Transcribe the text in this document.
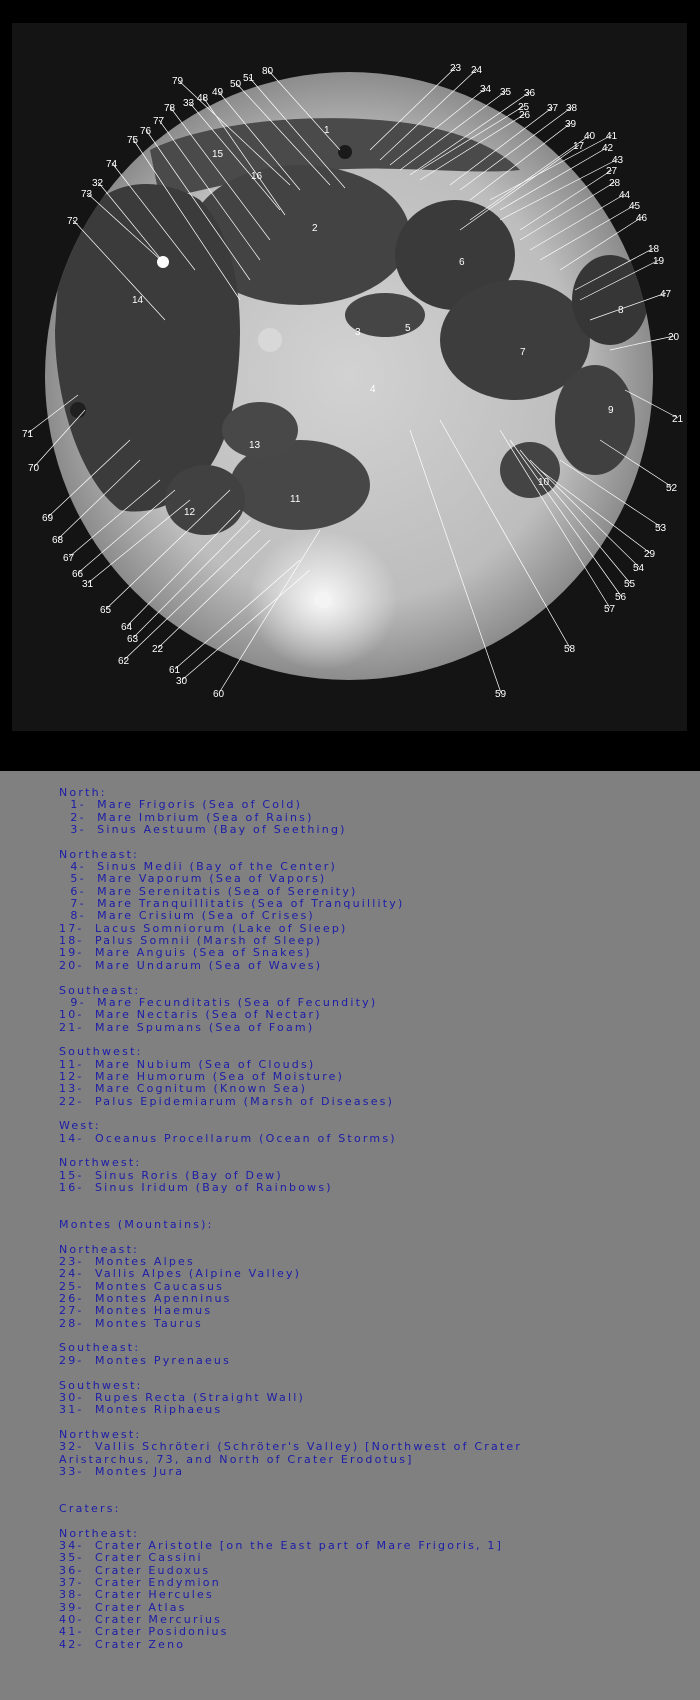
79
80
49
50
51
48
33
78
77
76
75
74
73
32
72
14
71
70
69
68
67
66
31
65
64
63
62
22
61
30
60	59
58
57
56
55
54
29
53
52
21
20
47
19
18
46
45
44
28
27
43
42
41
40
17
39
38
37
26
25
36
35
34
24
23
1
15
16
2
3	5
6
7
4
8
9
10
13
11
12
North:
1-  Mare Frigoris (Sea of Cold)
2-  Mare Imbrium (Sea of Rains)
3-  Sinus Aestuum (Bay of Seething)
Northeast:
4-  Sinus Medii (Bay of the Center)
5-  Mare Vaporum (Sea of Vapors)
6-  Mare Serenitatis (Sea of Serenity)
7-  Mare Tranquillitatis (Sea of Tranquillity)
8-  Mare Crisium (Sea of Crises)
17-  Lacus Somniorum (Lake of Sleep)
18-  Palus Somnii (Marsh of Sleep)
19-  Mare Anguis (Sea of Snakes)
20-  Mare Undarum (Sea of Waves)
Southeast:
9-  Mare Fecunditatis (Sea of Fecundity)
10-  Mare Nectaris (Sea of Nectar)
21-  Mare Spumans (Sea of Foam)
Southwest:
11-  Mare Nubium (Sea of Clouds)
12-  Mare Humorum (Sea of Moisture)
13-  Mare Cognitum (Known Sea)
22-  Palus Epidemiarum (Marsh of Diseases)
West:
14-  Oceanus Procellarum (Ocean of Storms)
Northwest:
15-  Sinus Roris (Bay of Dew)
16-  Sinus Iridum (Bay of Rainbows)
Montes (Mountains):
Northeast:
23-  Montes Alpes
24-  Vallis Alpes (Alpine Valley)
25-  Montes Caucasus
26-  Montes Apenninus
27-  Montes Haemus
28-  Montes Taurus
Southeast:
29-  Montes Pyrenaeus
Southwest:
30-  Rupes Recta (Straight Wall)
31-  Montes Riphaeus
Northwest:
32-  Vallis Schröteri (Schröter's Valley) [Northwest of Crater
Aristarchus, 73, and North of Crater Erodotus]
33-  Montes Jura
Craters:
Northeast:
34-  Crater Aristotle [on the East part of Mare Frigoris, 1]
35-  Crater Cassini
36-  Crater Eudoxus
37-  Crater Endymion
38-  Crater Hercules
39-  Crater Atlas
40-  Crater Mercurius
41-  Crater Posidonius
42-  Crater Zeno
